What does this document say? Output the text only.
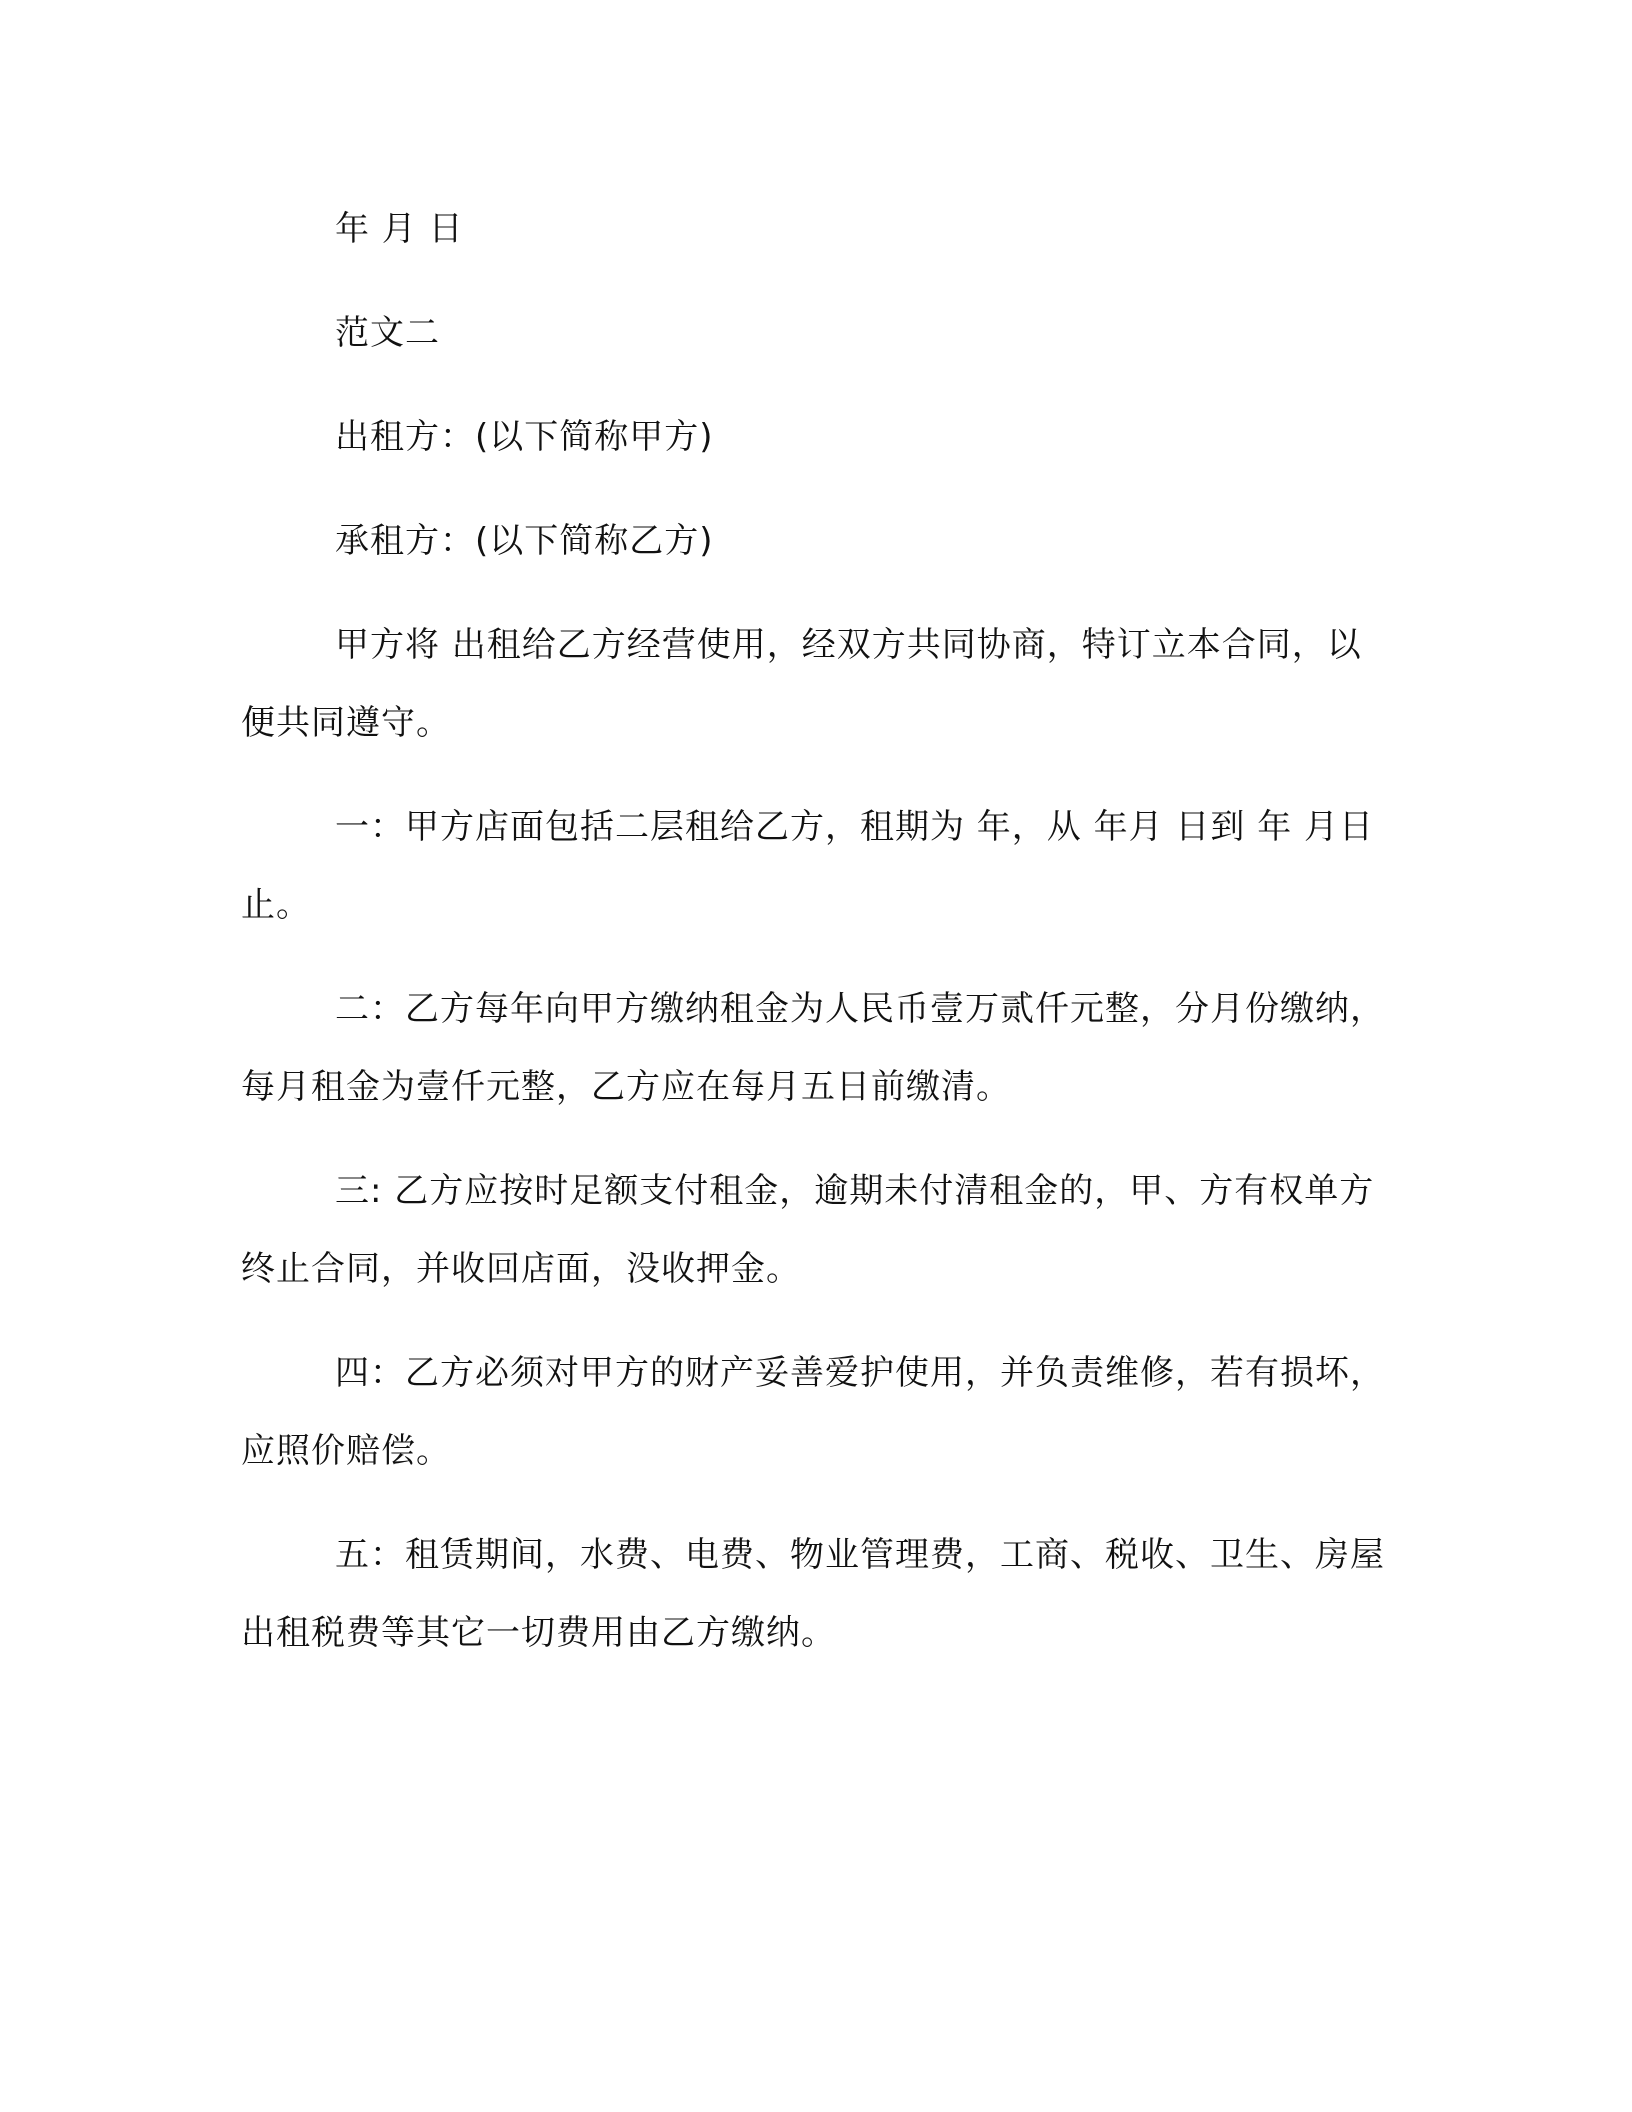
年 月 日

范文二

出租方：(以下简称甲方)

承租方：(以下简称乙方)

甲方将 出租给乙方经营使用，经双方共同协商，特订立本合同，以便共同遵守。

一：甲方店面包括二层租给乙方，租期为 年，从 年月 日到 年 月日止。

二：乙方每年向甲方缴纳租金为人民币壹万贰仟元整，分月份缴纳，每月租金为壹仟元整，乙方应在每月五日前缴清。

三: 乙方应按时足额支付租金，逾期未付清租金的，甲、方有权单方终止合同，并收回店面，没收押金。

四：乙方必须对甲方的财产妥善爱护使用，并负责维修，若有损坏，应照价赔偿。

五：租赁期间，水费、电费、物业管理费，工商、税收、卫生、房屋出租税费等其它一切费用由乙方缴纳。
